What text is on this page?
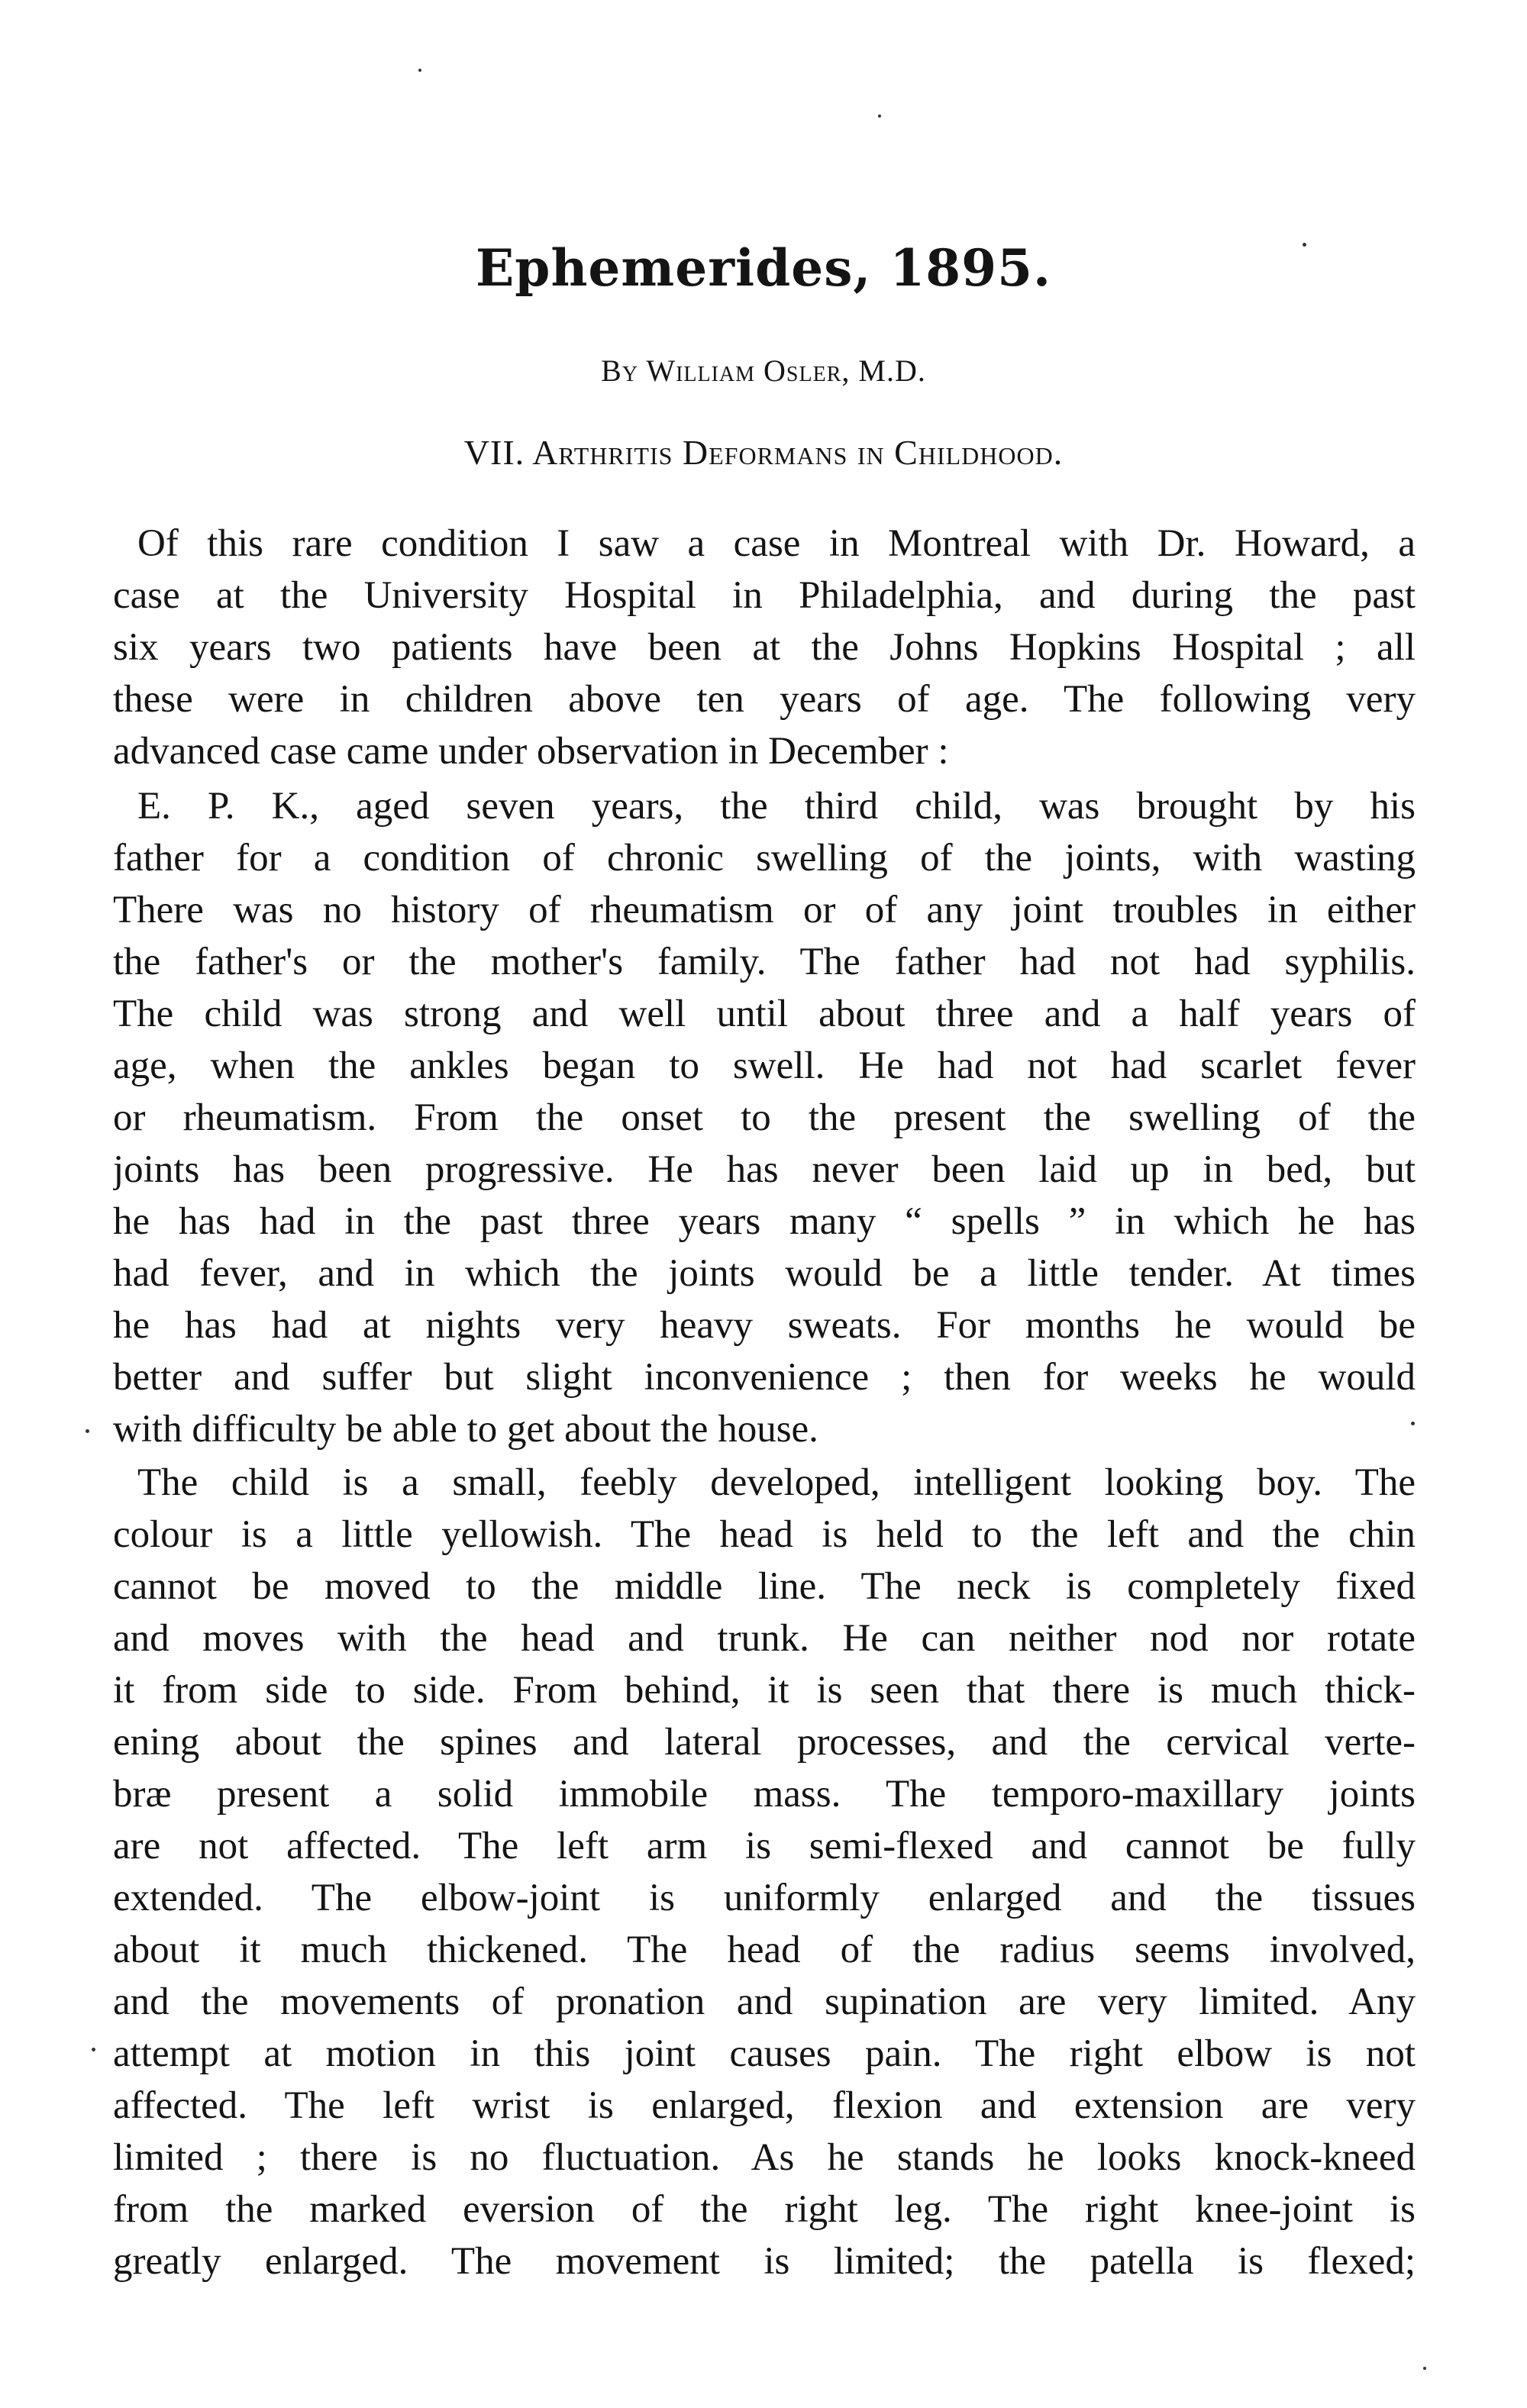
Ephemerides, 1895.
By William Osler, M.D.
VII. Arthritis Deformans in Childhood.
Of this rare condition I saw a case in Montreal with Dr. Howard, a
case at the University Hospital in Philadelphia, and during the past
six years two patients have been at the Johns Hopkins Hospital ; all
these were in children above ten years of age. The following very
advanced case came under observation in December :
E. P. K., aged seven years, the third child, was brought by his
father for a condition of chronic swelling of the joints, with wasting
There was no history of rheumatism or of any joint troubles in either
the father's or the mother's family. The father had not had syphilis.
The child was strong and well until about three and a half years of
age, when the ankles began to swell. He had not had scarlet fever
or rheumatism. From the onset to the present the swelling of the
joints has been progressive. He has never been laid up in bed, but
he has had in the past three years many “ spells ” in which he has
had fever, and in which the joints would be a little tender. At times
he has had at nights very heavy sweats. For months he would be
better and suffer but slight inconvenience ; then for weeks he would
with difficulty be able to get about the house.
The child is a small, feebly developed, intelligent looking boy. The
colour is a little yellowish. The head is held to the left and the chin
cannot be moved to the middle line. The neck is completely fixed
and moves with the head and trunk. He can neither nod nor rotate
it from side to side. From behind, it is seen that there is much thick-
ening about the spines and lateral processes, and the cervical verte-
bræ present a solid immobile mass. The temporo-maxillary joints
are not affected. The left arm is semi-flexed and cannot be fully
extended. The elbow-joint is uniformly enlarged and the tissues
about it much thickened. The head of the radius seems involved,
and the movements of pronation and supination are very limited. Any
attempt at motion in this joint causes pain. The right elbow is not
affected. The left wrist is enlarged, flexion and extension are very
limited ; there is no fluctuation. As he stands he looks knock-kneed
from the marked eversion of the right leg. The right knee-joint is
greatly enlarged. The movement is limited; the patella is flexed;
